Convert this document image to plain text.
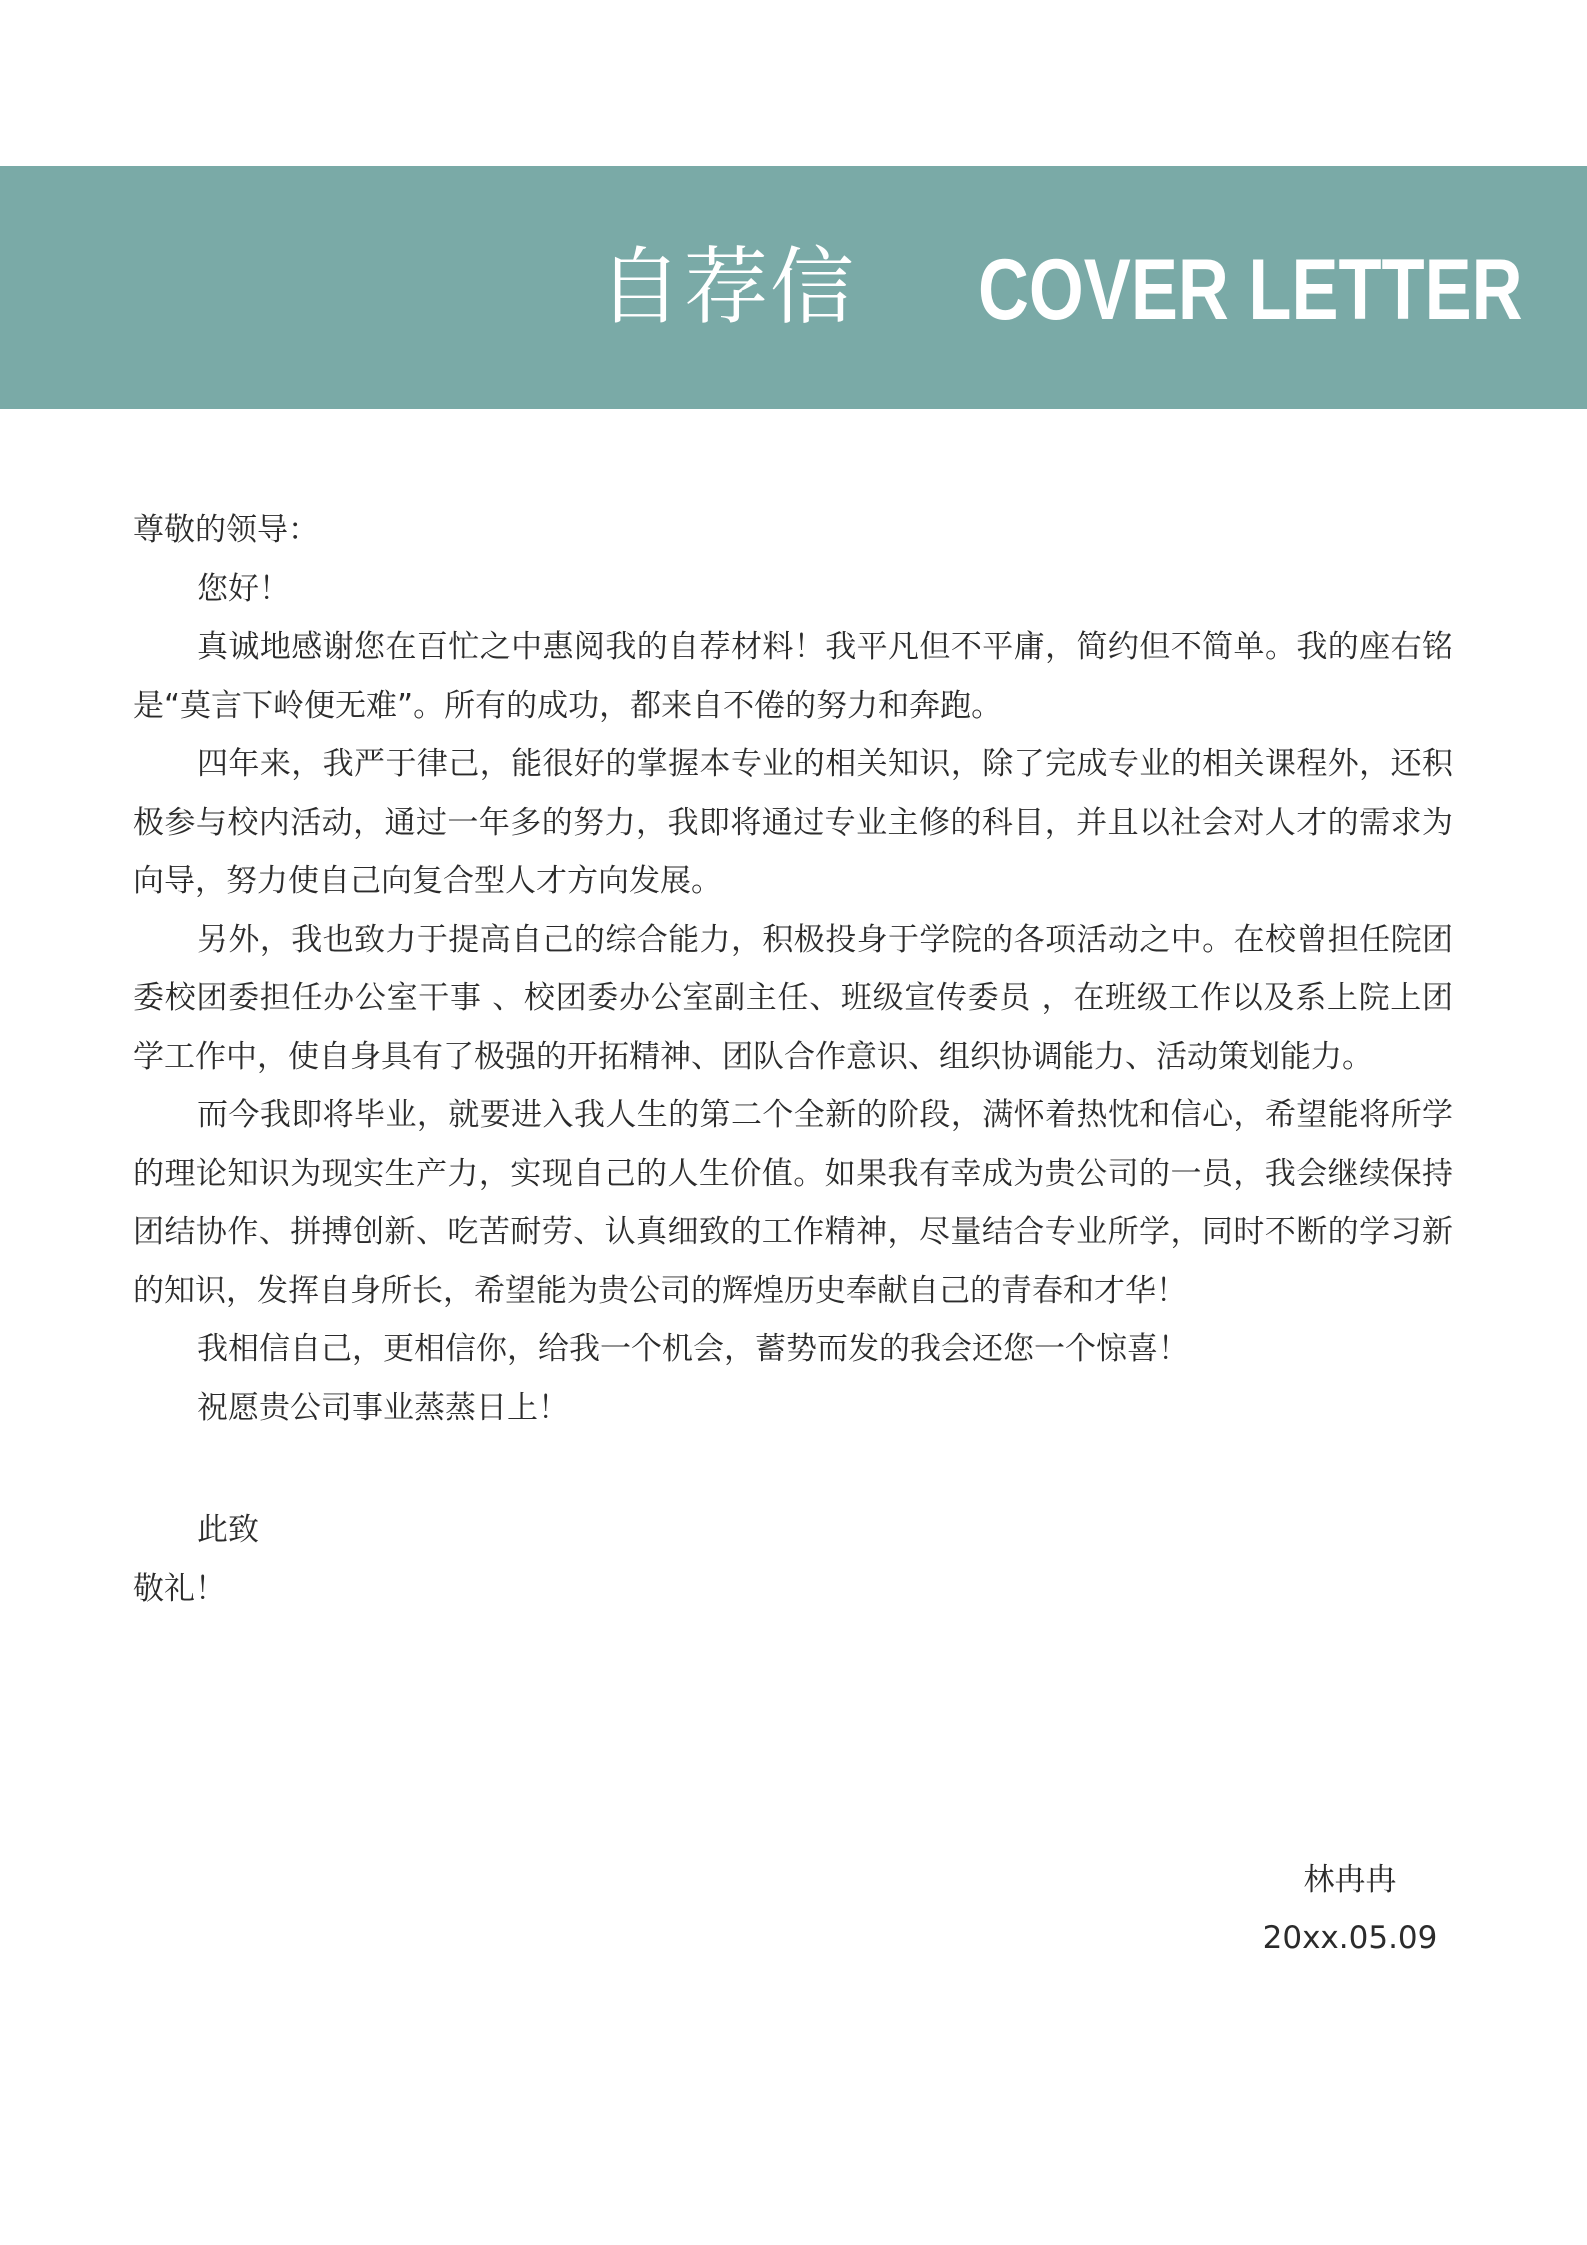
自荐信 COVER LETTER

尊敬的领导：

您好！

真诚地感谢您在百忙之中惠阅我的自荐材料！我平凡但不平庸，简约但不简单。我的座右铭是“莫言下岭便无难”。所有的成功，都来自不倦的努力和奔跑。

四年来，我严于律己，能很好的掌握本专业的相关知识，除了完成专业的相关课程外，还积极参与校内活动，通过一年多的努力，我即将通过专业主修的科目，并且以社会对人才的需求为向导，努力使自己向复合型人才方向发展。

另外，我也致力于提高自己的综合能力，积极投身于学院的各项活动之中。在校曾担任院团委校团委担任办公室干事 、校团委办公室副主任、班级宣传委员 ，在班级工作以及系上院上团学工作中，使自身具有了极强的开拓精神、团队合作意识、组织协调能力、活动策划能力。

而今我即将毕业，就要进入我人生的第二个全新的阶段，满怀着热忱和信心，希望能将所学的理论知识为现实生产力，实现自己的人生价值。如果我有幸成为贵公司的一员，我会继续保持团结协作、拼搏创新、吃苦耐劳、认真细致的工作精神，尽量结合专业所学，同时不断的学习新的知识，发挥自身所长，希望能为贵公司的辉煌历史奉献自己的青春和才华！

我相信自己，更相信你，给我一个机会，蓄势而发的我会还您一个惊喜！

祝愿贵公司事业蒸蒸日上！

此致

敬礼！

林冉冉

20xx.05.09
